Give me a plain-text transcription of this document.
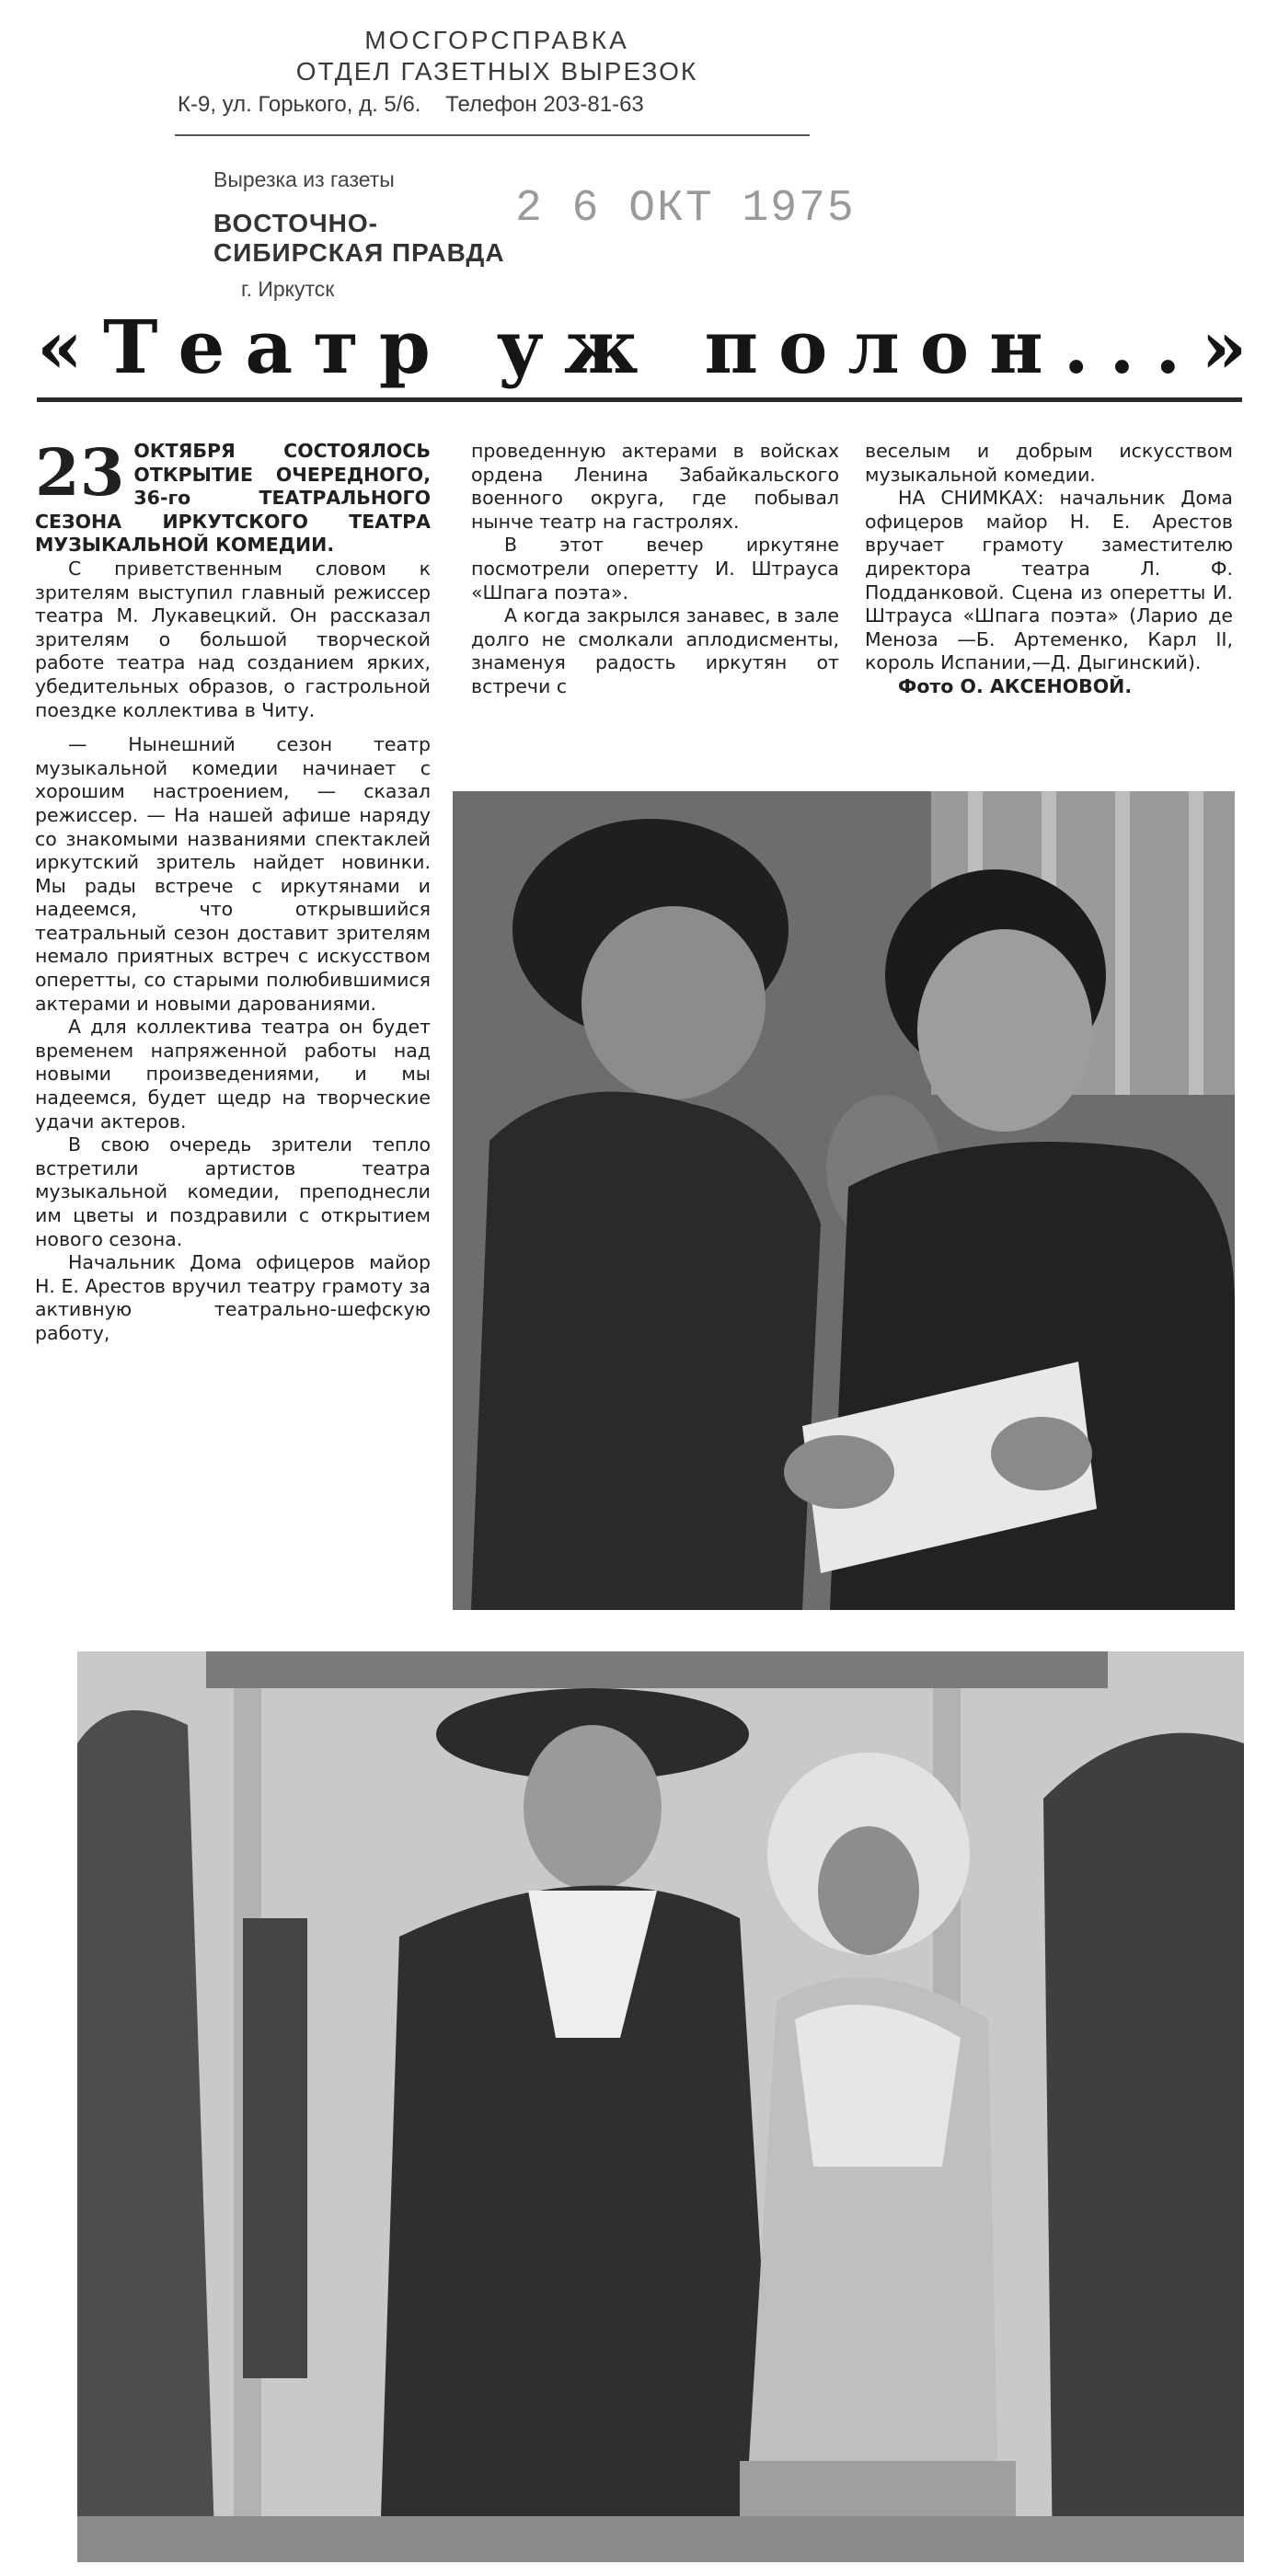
МОСГОРСПРАВКА
ОТДЕЛ ГАЗЕТНЫХ ВЫРЕЗОК
К-9, ул. Горького, д. 5/6.    Телефон 203-81-63
Вырезка из газеты
ВОСТОЧНО-
СИБИРСКАЯ ПРАВДА
г. Иркутск
2 6 ОКТ 1975
«Театр уж полон...»

23 ОКТЯБРЯ СОСТОЯЛОСЬ ОТКРЫТИЕ ОЧЕРЕДНОГО, 36-го ТЕАТРАЛЬНОГО СЕЗОНА ИРКУТСКОГО ТЕАТРА МУЗЫКАЛЬНОЙ КОМЕДИИ.

С приветственным словом к зрителям выступил главный режиссер театра М. Лукавецкий. Он рассказал зрителям о большой творческой работе театра над созданием ярких, убедительных образов, о гастрольной поездке коллектива в Читу.

— Нынешний сезон театр музыкальной комедии начинает с хорошим настроением, — сказал режиссер. — На нашей афише наряду со знакомыми названиями спектаклей иркутский зритель найдет новинки. Мы рады встрече с иркутянами и надеемся, что открывшийся театральный сезон доставит зрителям немало приятных встреч с искусством оперетты, со старыми полюбившимися актерами и новыми дарованиями.

А для коллектива театра он будет временем напряженной работы над новыми произведениями, и мы надеемся, будет щедр на творческие удачи актеров.

В свою очередь зрители тепло встретили артистов театра музыкальной комедии, преподнесли им цветы и поздравили с открытием нового сезона.

Начальник Дома офицеров майор Н. Е. Арестов вручил театру грамоту за активную театрально-шефскую работу,

проведенную актерами в войсках ордена Ленина Забайкальского военного округа, где побывал нынче театр на гастролях.

В этот вечер иркутяне посмотрели оперетту И. Штрауса «Шпага поэта».

А когда закрылся занавес, в зале долго не смолкали аплодисменты, знаменуя радость иркутян от встречи с

веселым и добрым искусством музыкальной комедии.

НА СНИМКАХ: начальник Дома офицеров майор Н. Е. Арестов вручает грамоту заместителю директора театра Л. Ф. Подданковой. Сцена из оперетты И. Штрауса «Шпага поэта» (Ларио де Меноза —Б. Артеменко, Карл II, король Испании,—Д. Дыгинский).

Фото О. АКСЕНОВОЙ.
